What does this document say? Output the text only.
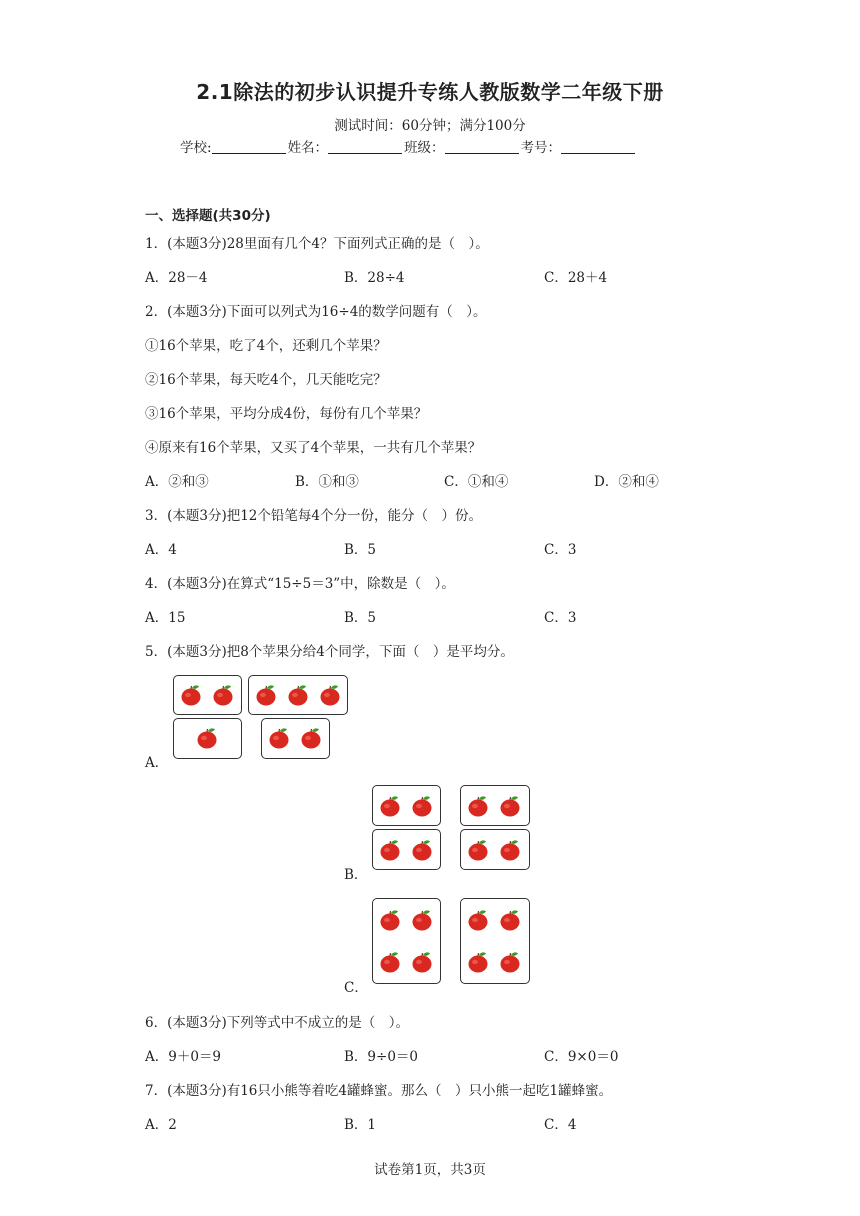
2.1除法的初步认识提升专练人教版数学二年级下册
测试时间：60分钟；满分100分
学校:	姓名：	班级：	考号：
一、选择题(共30分)
1．(本题3分)28里面有几个4？下面列式正确的是（　）。
A．28－4	B．28÷4	C．28＋4
2．(本题3分)下面可以列式为16÷4的数学问题有（　）。
①16个苹果，吃了4个，还剩几个苹果？
②16个苹果，每天吃4个，几天能吃完？
③16个苹果，平均分成4份，每份有几个苹果？
④原来有16个苹果，又买了4个苹果，一共有几个苹果？
A．②和③	B．①和③	C．①和④	D．②和④
3．(本题3分)把12个铅笔每4个分一份，能分（　）份。
A．4	B．5	C．3
4．(本题3分)在算式“15÷5＝3”中，除数是（　）。
A．15	B．5	C．3
5．(本题3分)把8个苹果分给4个同学，下面（　）是平均分。
A．
B．
C．
6．(本题3分)下列等式中不成立的是（　）。
A．9＋0＝9	B．9÷0＝0	C．9×0＝0
7．(本题3分)有16只小熊等着吃4罐蜂蜜。那么（　）只小熊一起吃1罐蜂蜜。
A．2	B．1	C．4
试卷第1页，共3页
